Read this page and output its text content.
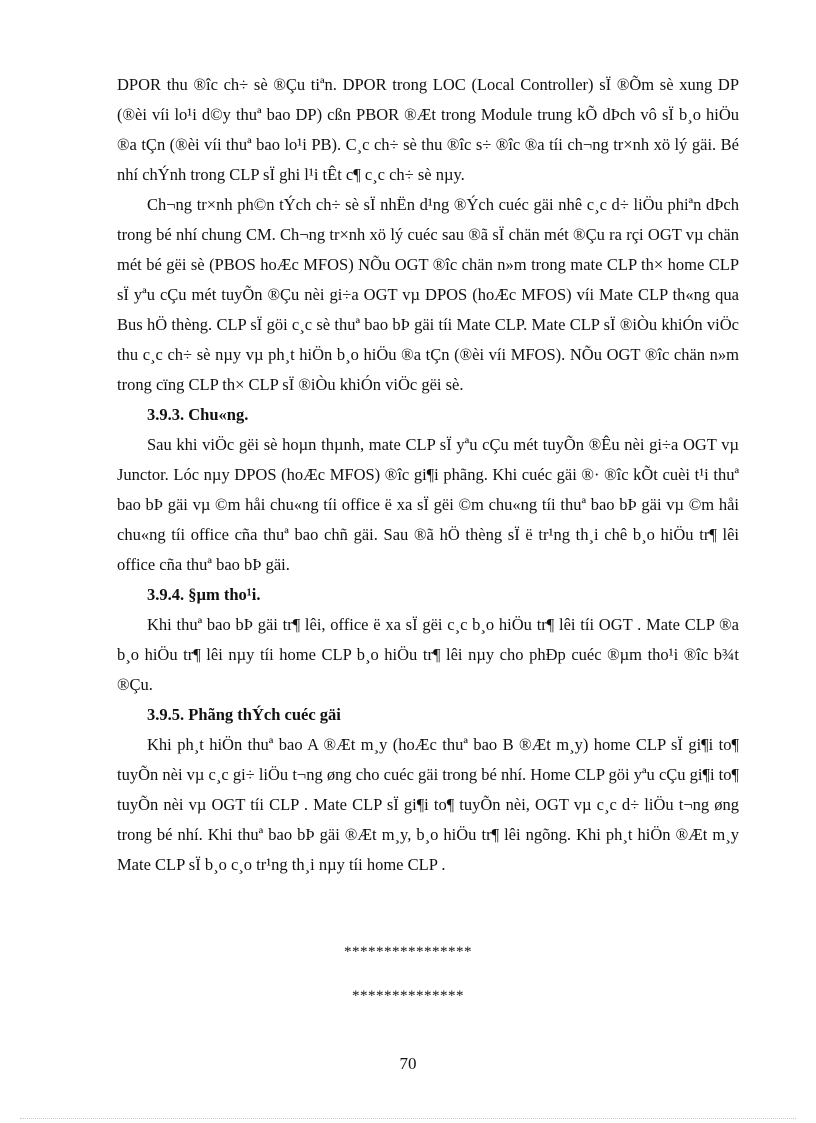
DPOR thu ®îc ch÷ sè ®Çu tiªn. DPOR trong LOC (Local Controller) sÏ ®Õm sè xung DP (®èi víi lo¹i d©y thuª bao DP) cßn PBOR ®Æt trong Module trung kÕ dÞch vô sÏ b¸o hiÖu ®a tÇn (®èi víi thuª bao lo¹i PB). C¸c ch÷ sè thu ®îc s÷ ®îc ®a tíi ch¬ng tr×nh xö lý gäi. Bé nhí chÝnh trong CLP sÏ ghi l¹i tÊt c¶ c¸c ch÷ sè nµy.

Ch¬ng tr×nh ph©n tÝch ch÷ sè sÏ nhËn d¹ng ®Ých cuéc gäi nhê c¸c d÷ liÖu phiªn dÞch trong bé nhí chung CM. Ch¬ng tr×nh xö lý cuéc sau ®ã sÏ chän mét ®Çu ra rçi OGT vµ chän mét bé gëi sè (PBOS hoÆc MFOS) NÕu OGT ®îc chän n»m trong mate CLP th× home CLP sÏ yªu cÇu mét tuyÕn ®Çu nèi gi÷a OGT vµ DPOS (hoÆc MFOS) víi Mate CLP th«ng qua Bus hÖ thèng. CLP sÏ göi c¸c sè thuª bao bÞ gäi tíi Mate CLP. Mate CLP sÏ ®iÒu khiÓn viÖc thu c¸c ch÷ sè nµy vµ ph¸t hiÖn b¸o hiÖu ®a tÇn (®èi víi MFOS). NÕu OGT ®îc chän n»m trong cïng CLP th× CLP sÏ ®iÒu khiÓn viÖc gëi sè.

3.9.3. Chu«ng.

Sau khi viÖc gëi sè hoµn thµnh, mate CLP sÏ yªu cÇu mét tuyÕn ®Êu nèi gi÷a OGT vµ Junctor. Lóc nµy DPOS (hoÆc MFOS) ®îc gi¶i phãng. Khi cuéc gäi ®· ®îc kÕt cuèi t¹i thuª bao bÞ gäi vµ ©m håi chu«ng tíi office ë xa sÏ gëi ©m chu«ng tíi thuª bao bÞ gäi vµ ©m håi chu«ng tíi office cña thuª bao chñ gäi. Sau ®ã hÖ thèng sÏ ë tr¹ng th¸i chê b¸o hiÖu tr¶ lêi office cña thuª bao bÞ gäi.

3.9.4. §µm tho¹i.

Khi thuª bao bÞ gäi tr¶ lêi, office ë xa sÏ gëi c¸c b¸o hiÖu tr¶ lêi tíi OGT . Mate CLP ®a b¸o hiÖu tr¶ lêi nµy tíi home CLP b¸o hiÖu tr¶ lêi nµy cho phÐp cuéc ®µm tho¹i ®îc b¾t ®Çu.

3.9.5. Phãng thÝch cuéc gäi

Khi ph¸t hiÖn thuª bao A ®Æt m¸y (hoÆc thuª bao B ®Æt m¸y) home CLP sÏ gi¶i to¶ tuyÕn nèi vµ c¸c gi÷ liÖu t¬ng øng cho cuéc gäi trong bé nhí. Home CLP göi yªu cÇu gi¶i to¶ tuyÕn nèi vµ OGT tíi CLP . Mate CLP sÏ gi¶i to¶ tuyÕn nèi, OGT vµ c¸c d÷ liÖu t¬ng øng trong bé nhí. Khi thuª bao bÞ gäi ®Æt m¸y, b¸o hiÖu tr¶ lêi ngõng. Khi ph¸t hiÖn ®Æt m¸y Mate CLP sÏ b¸o c¸o tr¹ng th¸i nµy tíi home CLP .

****************
**************
70
